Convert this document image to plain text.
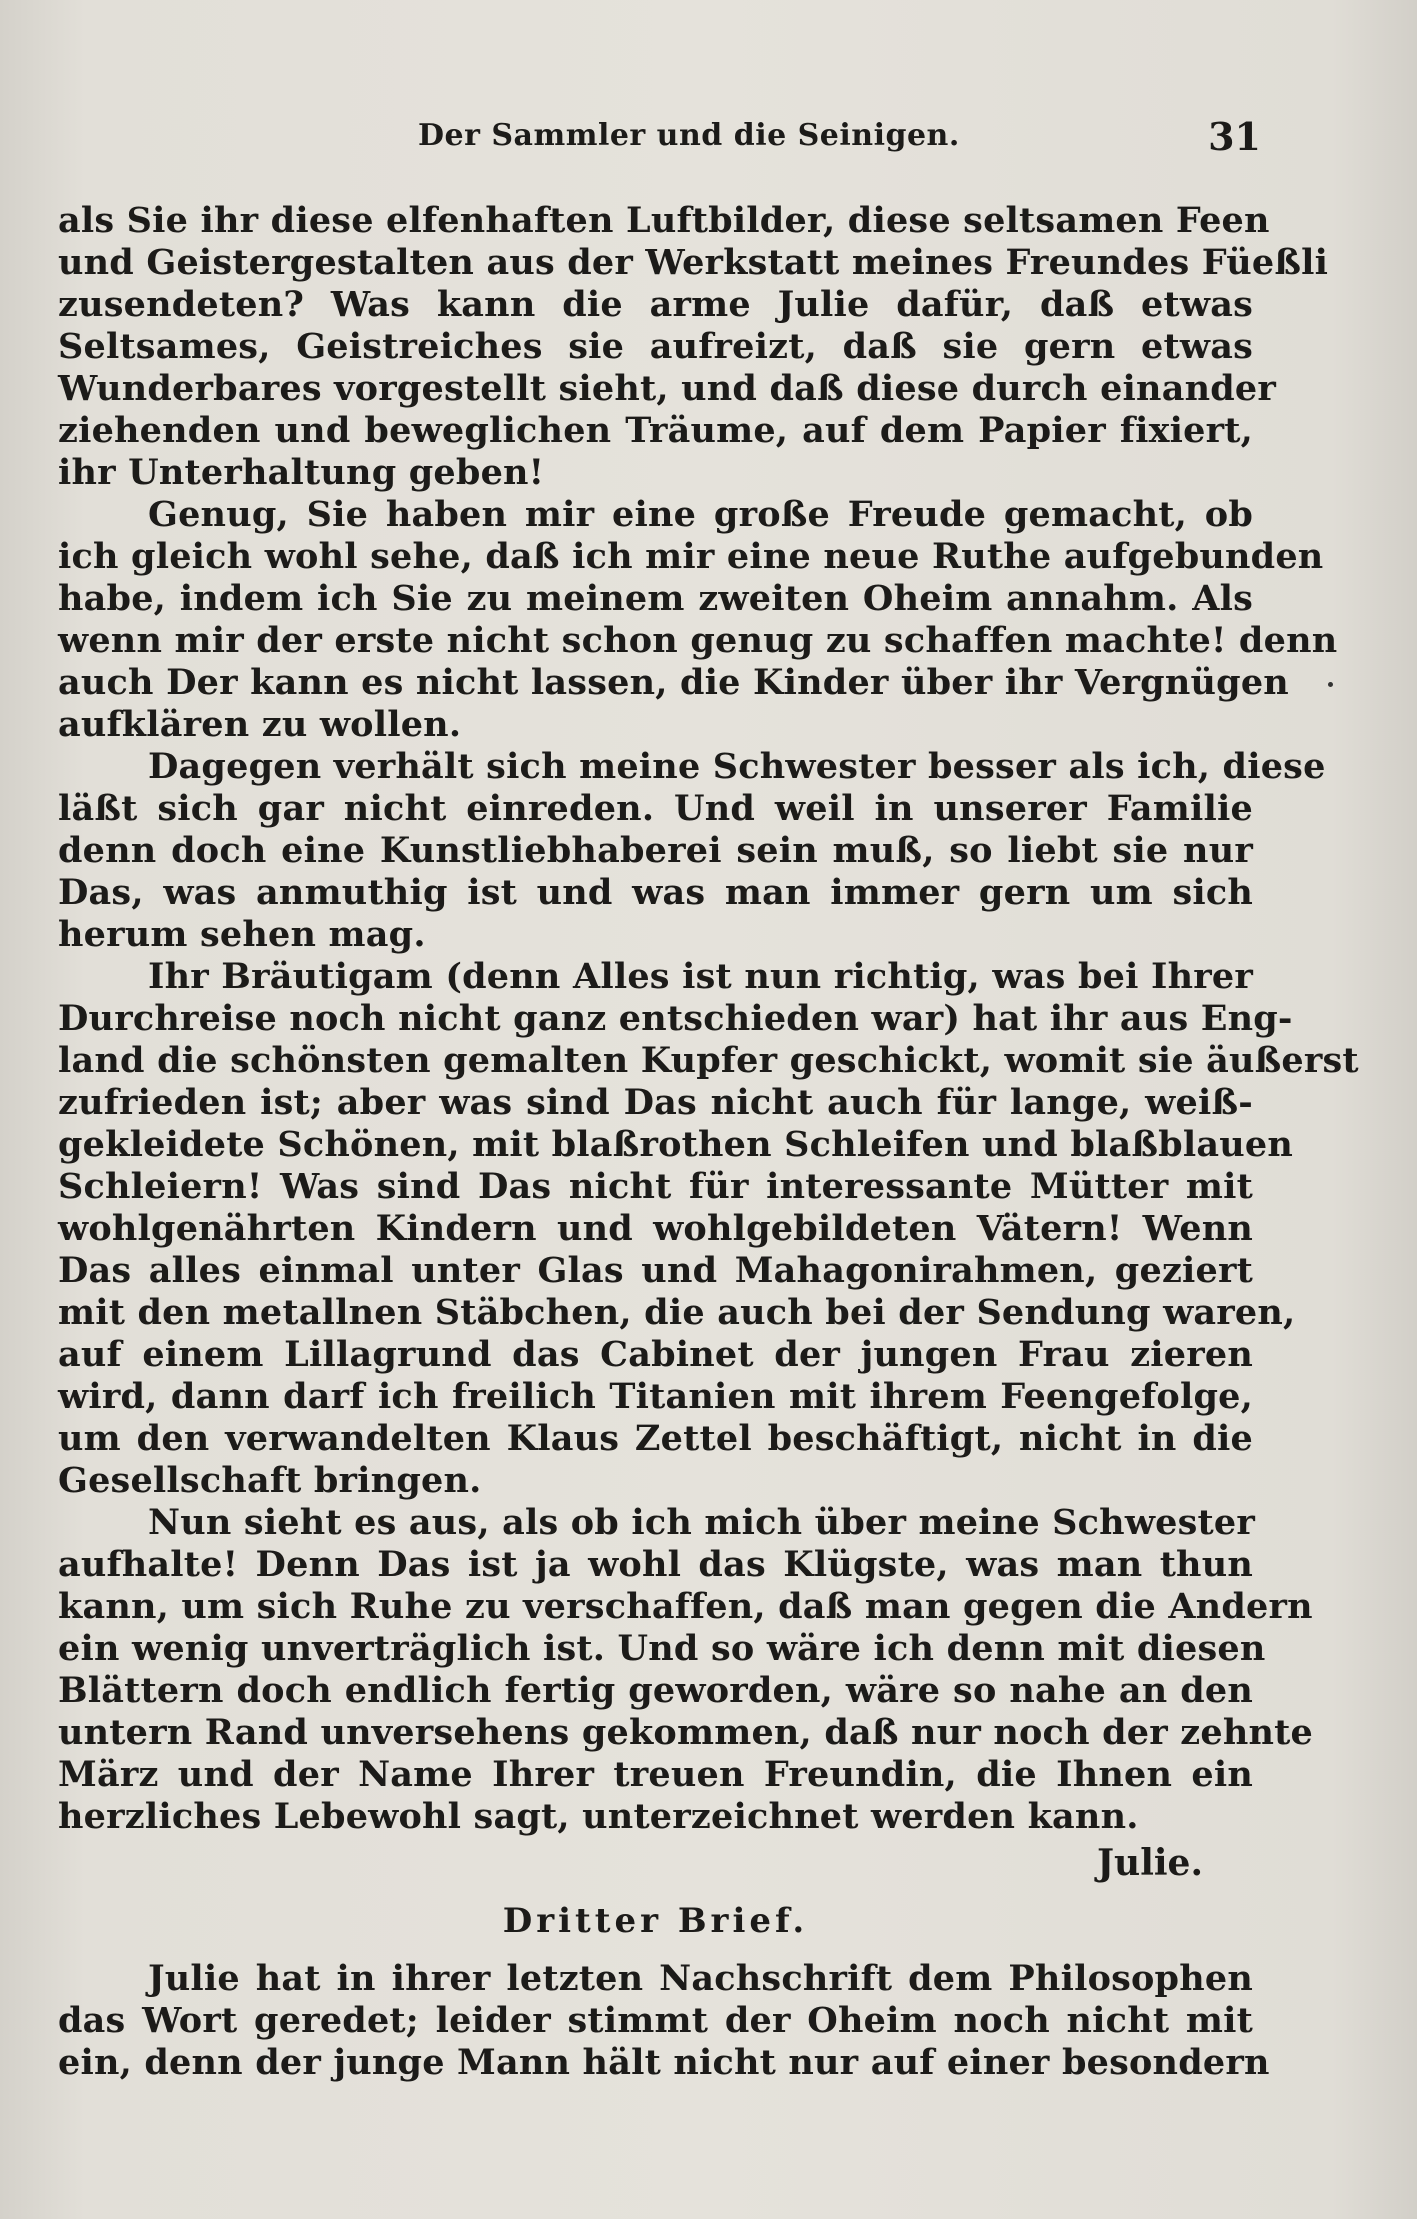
Der Sammler und die Seinigen.	31
als Sie ihr diese elfenhaften Luftbilder, diese seltsamen Feen
und Geistergestalten aus der Werkstatt meines Freundes Füeßli
zusendeten? Was kann die arme Julie dafür, daß etwas
Seltsames, Geistreiches sie aufreizt, daß sie gern etwas
Wunderbares vorgestellt sieht, und daß diese durch einander
ziehenden und beweglichen Träume, auf dem Papier fixiert,
ihr Unterhaltung geben!
Genug, Sie haben mir eine große Freude gemacht, ob
ich gleich wohl sehe, daß ich mir eine neue Ruthe aufgebunden
habe, indem ich Sie zu meinem zweiten Oheim annahm. Als
wenn mir der erste nicht schon genug zu schaffen machte! denn
auch Der kann es nicht lassen, die Kinder über ihr Vergnügen
aufklären zu wollen.
Dagegen verhält sich meine Schwester besser als ich, diese
läßt sich gar nicht einreden. Und weil in unserer Familie
denn doch eine Kunstliebhaberei sein muß, so liebt sie nur
Das, was anmuthig ist und was man immer gern um sich
herum sehen mag.
Ihr Bräutigam (denn Alles ist nun richtig, was bei Ihrer
Durchreise noch nicht ganz entschieden war) hat ihr aus Eng-
land die schönsten gemalten Kupfer geschickt, womit sie äußerst
zufrieden ist; aber was sind Das nicht auch für lange, weiß-
gekleidete Schönen, mit blaßrothen Schleifen und blaßblauen
Schleiern! Was sind Das nicht für interessante Mütter mit
wohlgenährten Kindern und wohlgebildeten Vätern! Wenn
Das alles einmal unter Glas und Mahagonirahmen, geziert
mit den metallnen Stäbchen, die auch bei der Sendung waren,
auf einem Lillagrund das Cabinet der jungen Frau zieren
wird, dann darf ich freilich Titanien mit ihrem Feengefolge,
um den verwandelten Klaus Zettel beschäftigt, nicht in die
Gesellschaft bringen.
Nun sieht es aus, als ob ich mich über meine Schwester
aufhalte! Denn Das ist ja wohl das Klügste, was man thun
kann, um sich Ruhe zu verschaffen, daß man gegen die Andern
ein wenig unverträglich ist. Und so wäre ich denn mit diesen
Blättern doch endlich fertig geworden, wäre so nahe an den
untern Rand unversehens gekommen, daß nur noch der zehnte
März und der Name Ihrer treuen Freundin, die Ihnen ein
herzliches Lebewohl sagt, unterzeichnet werden kann.
Julie.
Dritter Brief.
Julie hat in ihrer letzten Nachschrift dem Philosophen
das Wort geredet; leider stimmt der Oheim noch nicht mit
ein, denn der junge Mann hält nicht nur auf einer besondern
